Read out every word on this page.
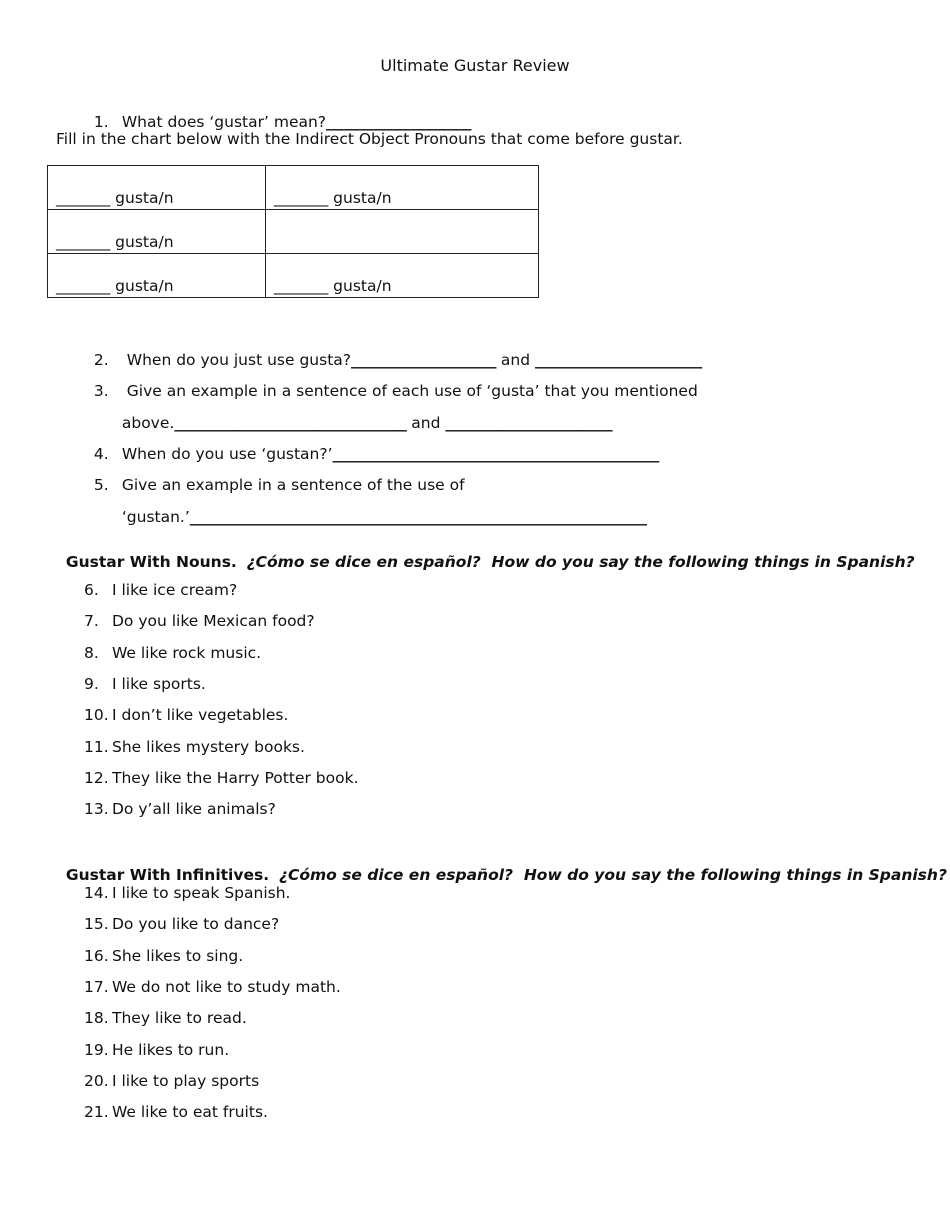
Ultimate Gustar Review

1. What does ‘gustar’ mean?____________________

Fill in the chart below with the Indirect Object Pronouns that come before gustar.
_______ gusta/n	_______ gusta/n
_______ gusta/n	
_______ gusta/n	_______ gusta/n

2. When do you just use gusta?____________________ and _______________________

3. Give an example in a sentence of each use of ‘gusta’ that you mentioned

above.________________________________ and _______________________

4. When do you use ‘gustan?’_____________________________________________

5. Give an example in a sentence of the use of

‘gustan.’_______________________________________________________________

Gustar With Nouns. ¿Cómo se dice en español?  How do you say the following things in Spanish?

6. I like ice cream?
7. Do you like Mexican food?
8. We like rock music.
9. I like sports.
10. I don’t like vegetables.
11. She likes mystery books.
12. They like the Harry Potter book.
13. Do y’all like animals?

Gustar With Infinitives. ¿Cómo se dice en español?  How do you say the following things in Spanish?

14. I like to speak Spanish.
15. Do you like to dance?
16. She likes to sing.
17. We do not like to study math.
18. They like to read.
19. He likes to run.
20. I like to play sports
21. We like to eat fruits.
